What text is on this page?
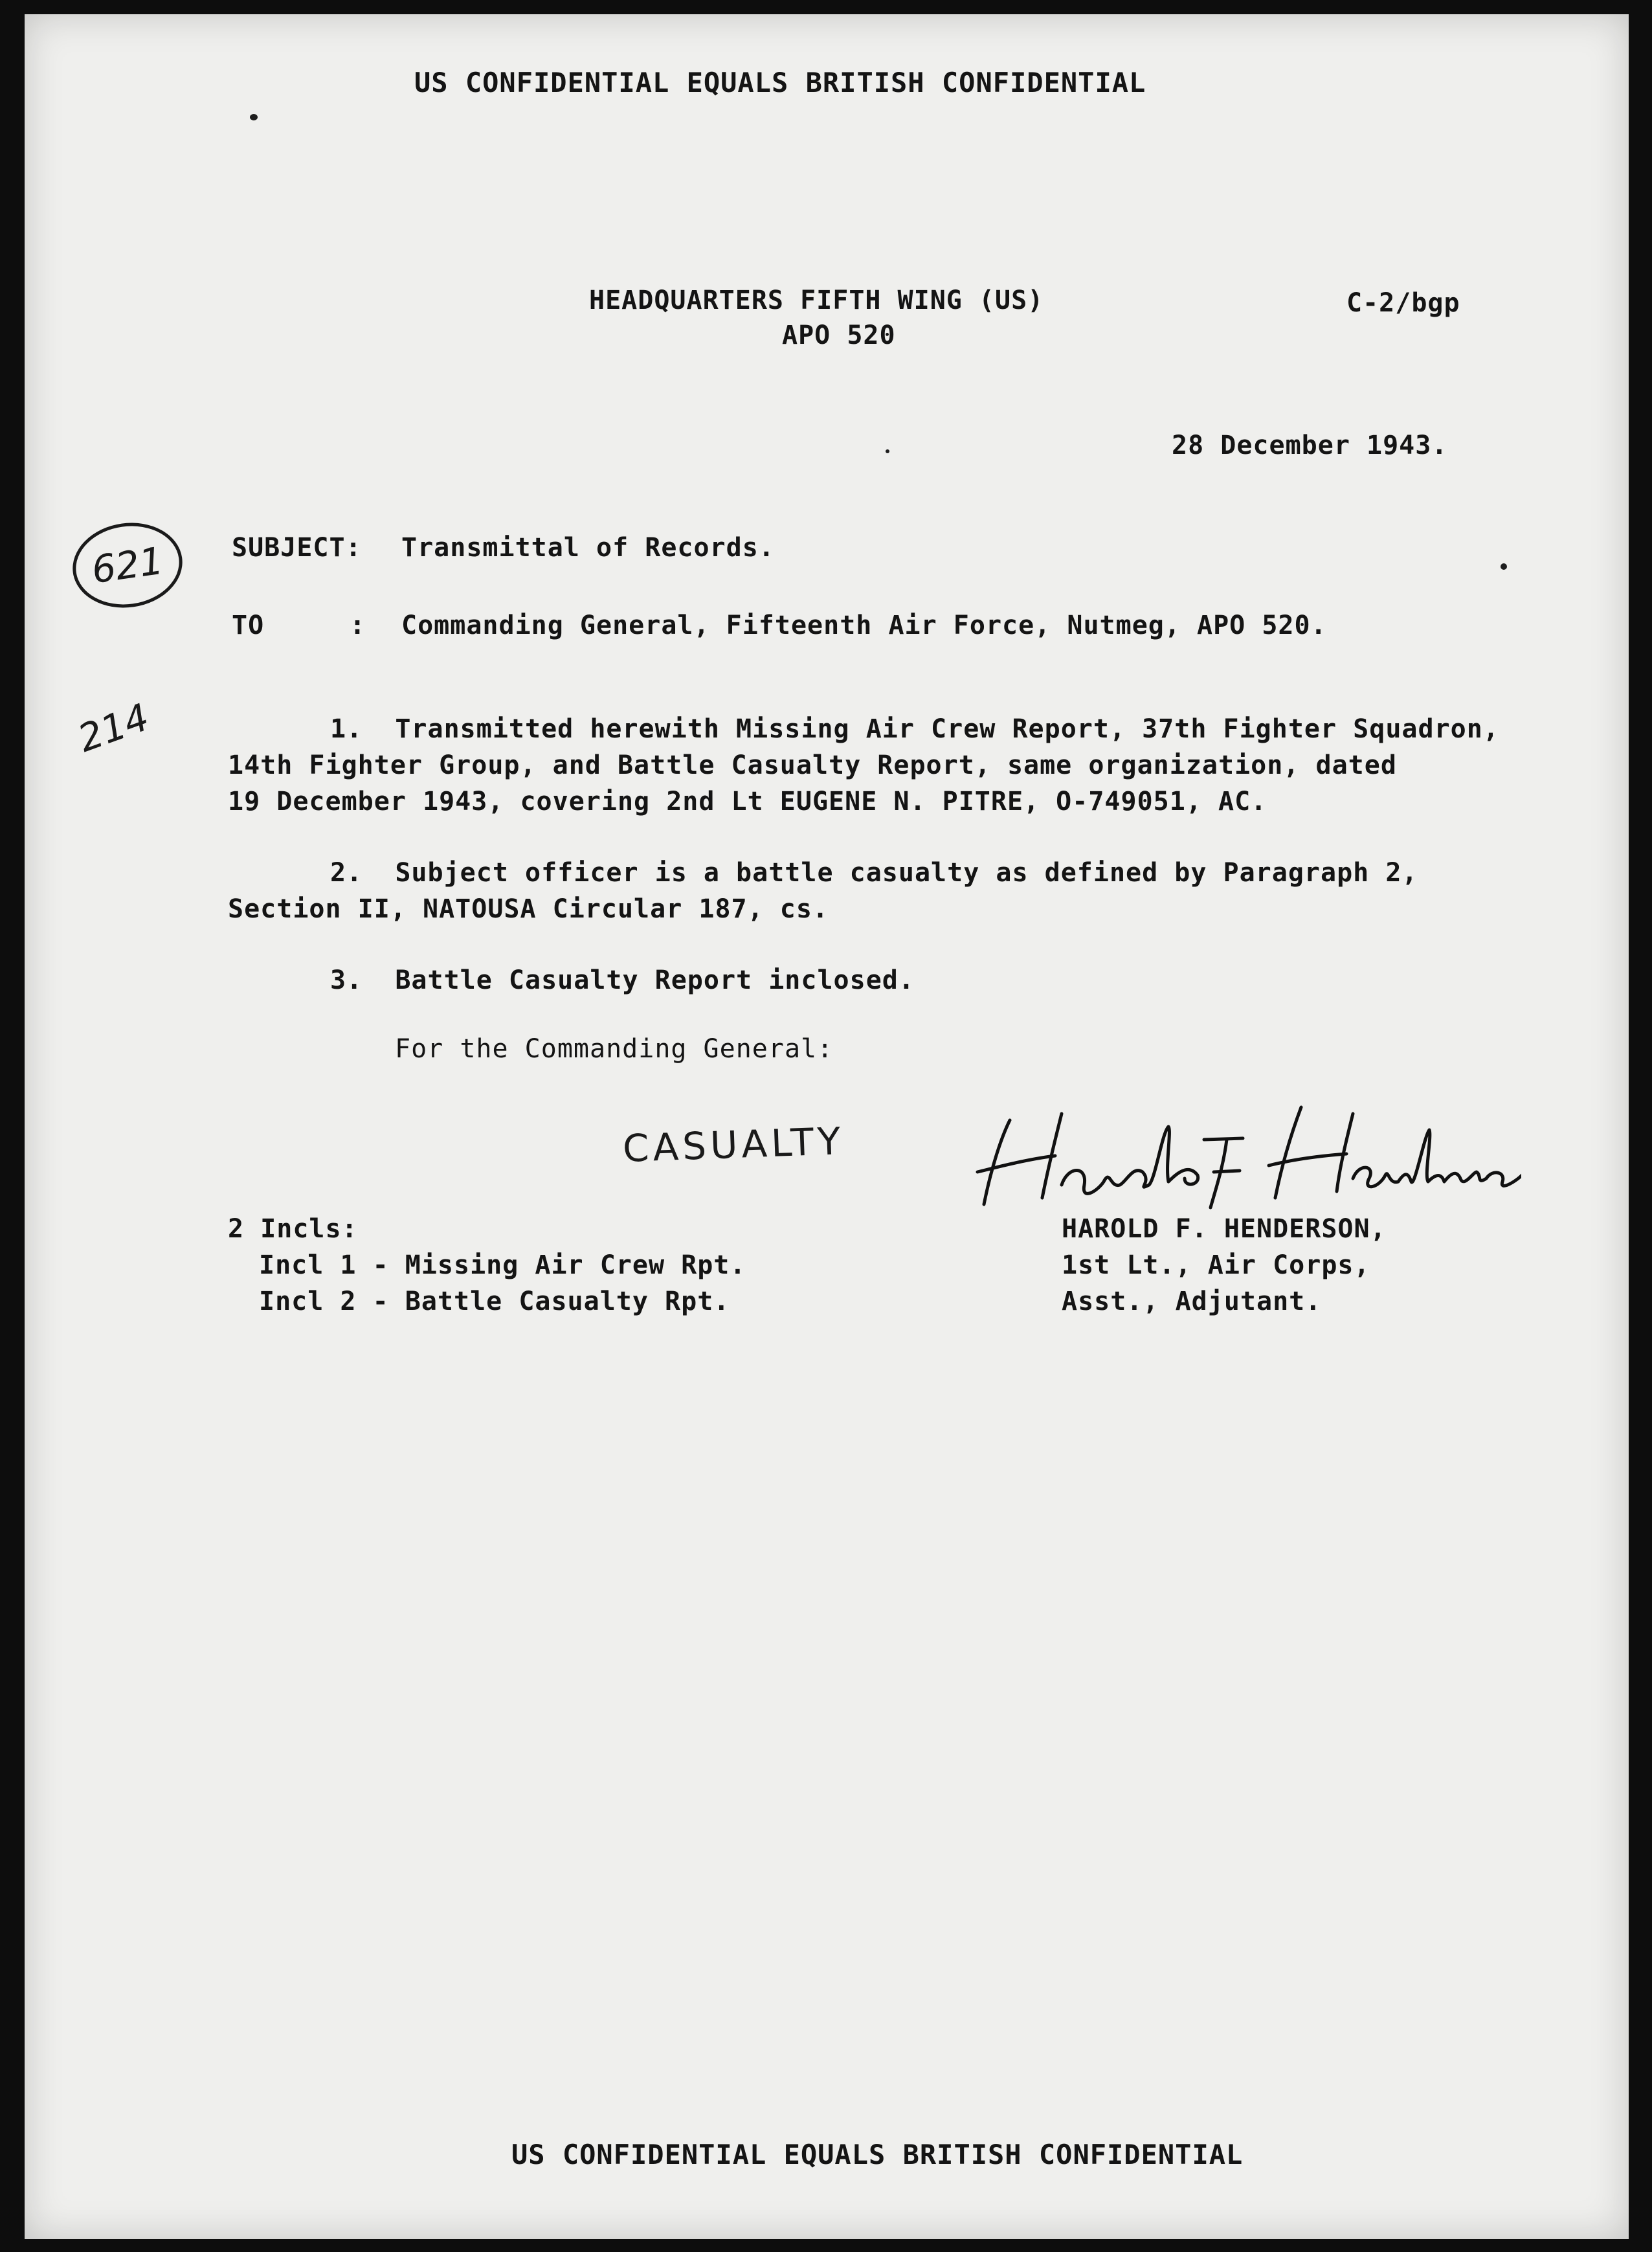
US CONFIDENTIAL EQUALS BRITISH CONFIDENTIAL
HEADQUARTERS FIFTH WING (US)
APO 520
C-2/bgp
28 December 1943.
621
214
SUBJECT: Transmittal of Records.
TO	: Commanding General, Fifteenth Air Force, Nutmeg, APO 520.
1.  Transmitted herewith Missing Air Crew Report, 37th Fighter Squadron,
14th Fighter Group, and Battle Casualty Report, same organization, dated
19 December 1943, covering 2nd Lt EUGENE N. PITRE, O-749051, AC.
2.  Subject officer is a battle casualty as defined by Paragraph 2,
Section II, NATOUSA Circular 187, cs.
3.  Battle Casualty Report inclosed.
For the Commanding General:
CASUALTY
2 Incls:
Incl 1 - Missing Air Crew Rpt.
Incl 2 - Battle Casualty Rpt.
HAROLD F. HENDERSON,
1st Lt., Air Corps,
Asst., Adjutant.
US CONFIDENTIAL EQUALS BRITISH CONFIDENTIAL
